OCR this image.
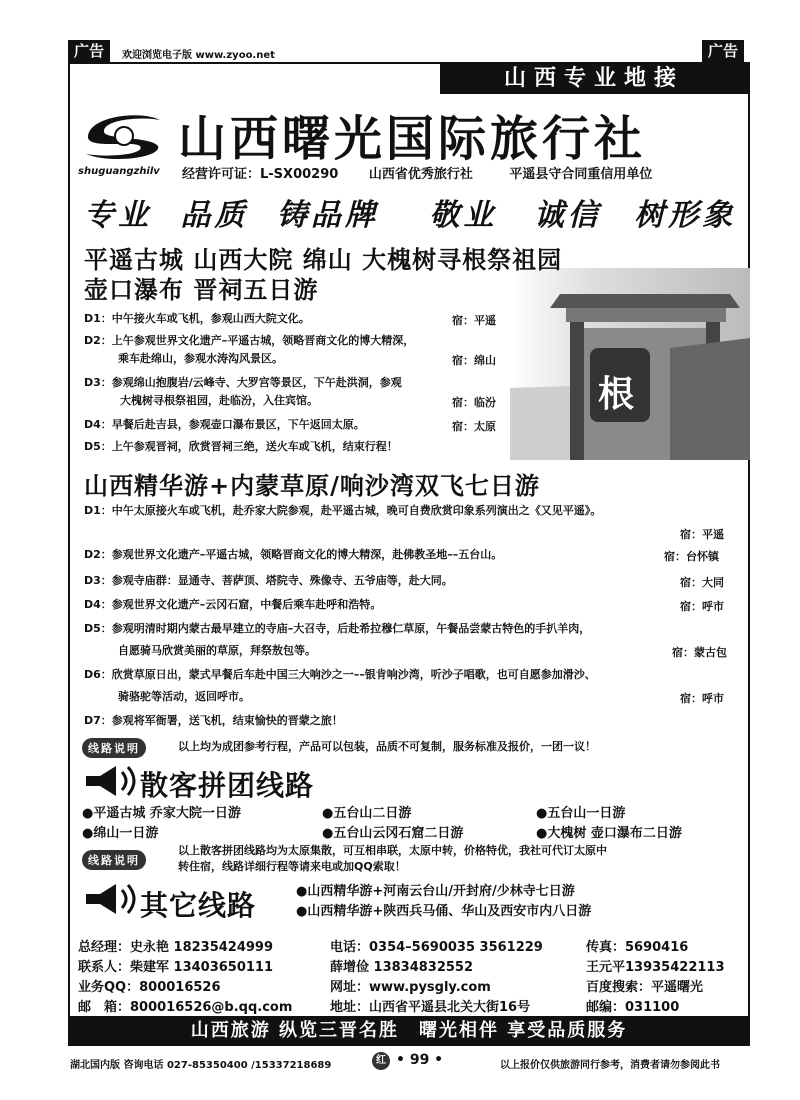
广告	欢迎浏览电子版 www.zyoo.net	广告
山西专业地接
shuguangzhilv
山西曙光国际旅行社
经营许可证：L-SX00290 山西省优秀旅行社	平遥县守合同重信用单位
专业 品质 铸品牌 敬业 诚信 树形象
根
平遥古城 山西大院 绵山 大槐树寻根祭祖园
壶口瀑布 晋祠五日游
D1：中午接火车或飞机，参观山西大院文化。	宿：平遥
D2：上午参观世界文化遗产–平遥古城，领略晋商文化的博大精深，
乘车赴绵山，参观水涛沟风景区。	宿：绵山
D3：参观绵山抱腹岩/云峰寺、大罗宫等景区，下午赴洪洞，参观
大槐树寻根祭祖园，赴临汾，入住宾馆。	宿：临汾
D4：早餐后赴吉县，参观壶口瀑布景区，下午返回太原。	宿：太原
D5：上午参观晋祠，欣赏晋祠三绝，送火车或飞机，结束行程！
山西精华游+内蒙草原/响沙湾双飞七日游
D1：中午太原接火车或飞机，赴乔家大院参观，赴平遥古城，晚可自费欣赏印象系列演出之《又见平遥》。
宿：平遥
D2：参观世界文化遗产–平遥古城，领略晋商文化的博大精深，赴佛教圣地––五台山。	宿：台怀镇
D3：参观寺庙群：显通寺、菩萨顶、塔院寺、殊像寺、五爷庙等，赴大同。	宿：大同
D4：参观世界文化遗产–云冈石窟，中餐后乘车赴呼和浩特。	宿：呼市
D5：参观明清时期内蒙古最早建立的寺庙–大召寺，后赴希拉穆仁草原，午餐品尝蒙古特色的手扒羊肉，
自愿骑马欣赏美丽的草原，拜祭敖包等。	宿：蒙古包
D6：欣赏草原日出，蒙式早餐后车赴中国三大响沙之一––银肯响沙湾，听沙子唱歌，也可自愿参加滑沙、
骑骆驼等活动，返回呼市。	宿：呼市
D7：参观将军衙署，送飞机，结束愉快的晋蒙之旅！
线路说明	以上均为成团参考行程，产品可以包装，品质不可复制，服务标准及报价，一团一议！
散客拼团线路
●平遥古城 乔家大院一日游	●五台山二日游	●五台山一日游
●绵山一日游	●五台山云冈石窟二日游	●大槐树 壶口瀑布二日游
线路说明
以上散客拼团线路均为太原集散，可互相串联，太原中转，价格特优，我社可代订太原中
转住宿，线路详细行程等请来电或加QQ索取！
其它线路	●山西精华游+河南云台山/开封府/少林寺七日游
●山西精华游+陕西兵马俑、华山及西安市内八日游
总经理：史永艳 18235424999	电话：0354–5690035 3561229	传真：5690416
联系人：柴建军 13403650111	薛增俭 13834832552	王元平13935422113
业务QQ：800016526	网址：www.pysgly.com	百度搜索：平遥曙光
邮　箱：800016526@b.qq.com	地址：山西省平遥县北关大街16号	邮编：031100
山西旅游 纵览三晋名胜　曙光相伴 享受品质服务
湖北国内版 咨询电话 027-85350400 /15337218689	红 • 99 •	以上报价仅供旅游同行参考，消费者请勿参阅此书
